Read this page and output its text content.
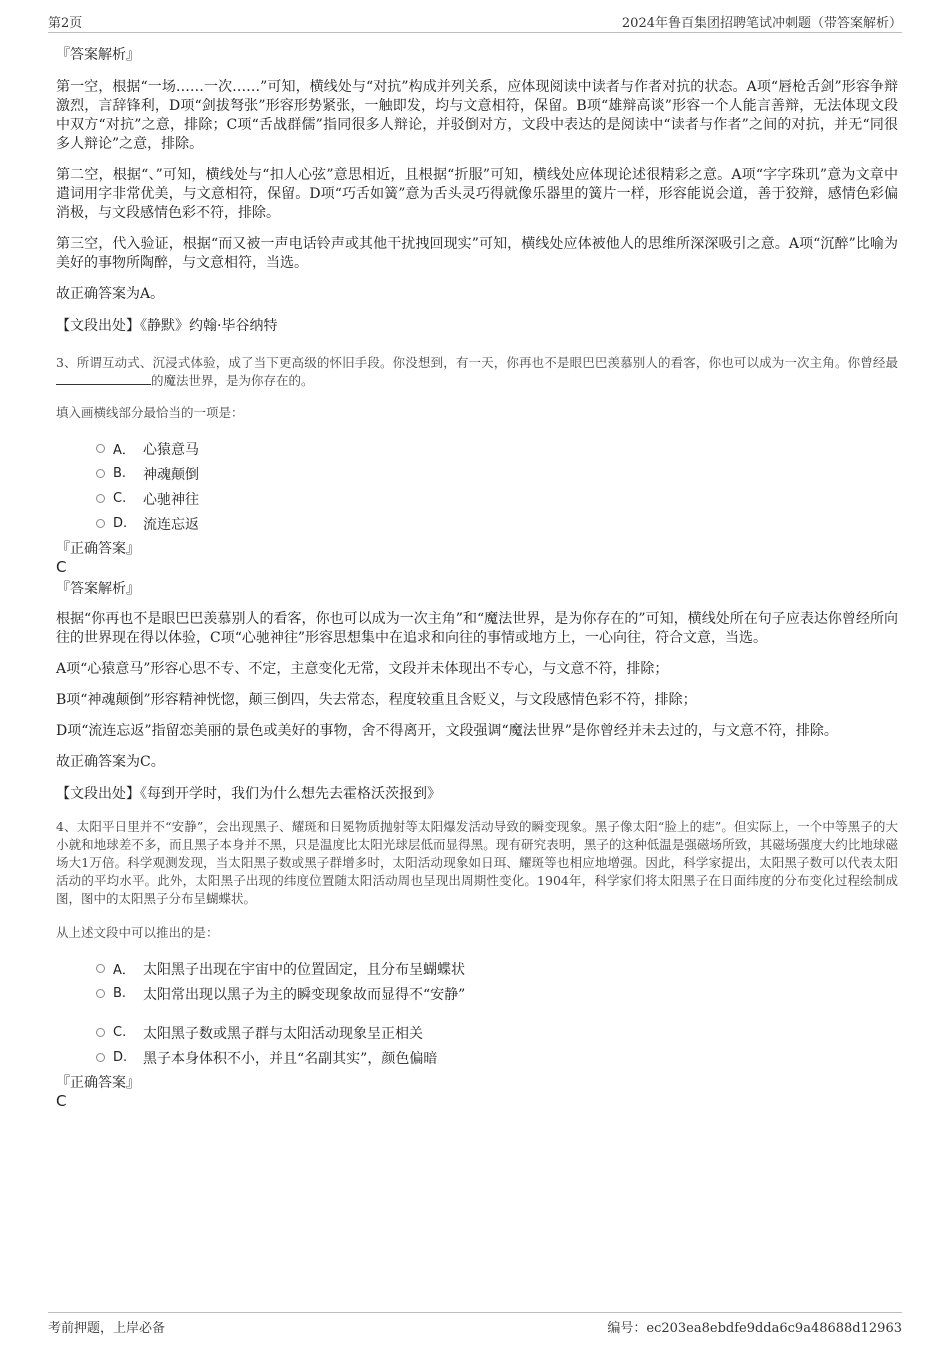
第2页	2024年鲁百集团招聘笔试冲刺题（带答案解析）
『答案解析』

第一空，根据“一场……一次……”可知，横线处与“对抗”构成并列关系，应体现阅读中读者与作者对抗的状态。A项“唇枪舌剑”形容争辩激烈，言辞锋利，D项“剑拔弩张”形容形势紧张，一触即发，均与文意相符，保留。B项“雄辩高谈”形容一个人能言善辩，无法体现文段中双方“对抗”之意，排除；C项“舌战群儒”指同很多人辩论，并驳倒对方，文段中表达的是阅读中“读者与作者”之间的对抗，并无“同很多人辩论”之意，排除。

第二空，根据“、”可知，横线处与“扣人心弦”意思相近，且根据“折服”可知，横线处应体现论述很精彩之意。A项“字字珠玑”意为文章中遣词用字非常优美，与文意相符，保留。D项“巧舌如簧”意为舌头灵巧得就像乐器里的簧片一样，形容能说会道，善于狡辩，感情色彩偏消极，与文段感情色彩不符，排除。

第三空，代入验证，根据“而又被一声电话铃声或其他干扰拽回现实”可知，横线处应体被他人的思维所深深吸引之意。A项“沉醉”比喻为美好的事物所陶醉，与文意相符，当选。

故正确答案为A。

【文段出处】《静默》约翰·毕谷纳特

3、所谓互动式、沉浸式体验，成了当下更高级的怀旧手段。你没想到，有一天，你再也不是眼巴巴羡慕别人的看客，你也可以成为一次主角。你曾经最的魔法世界，是为你存在的。

填入画横线部分最恰当的一项是：
A． 心猿意马
B.	神魂颠倒
C.	心驰神往
D.	流连忘返
『正确答案』
C
『答案解析』

根据“你再也不是眼巴巴羡慕别人的看客，你也可以成为一次主角”和“魔法世界，是为你存在的”可知，横线处所在句子应表达你曾经所向往的世界现在得以体验，C项“心驰神往”形容思想集中在追求和向往的事情或地方上，一心向往，符合文意，当选。

A项“心猿意马”形容心思不专、不定，主意变化无常，文段并未体现出不专心，与文意不符，排除；

B项“神魂颠倒”形容精神恍惚，颠三倒四，失去常态，程度较重且含贬义，与文段感情色彩不符，排除；

D项“流连忘返”指留恋美丽的景色或美好的事物，舍不得离开，文段强调“魔法世界”是你曾经并未去过的，与文意不符，排除。

故正确答案为C。

【文段出处】《每到开学时，我们为什么想先去霍格沃茨报到》

4、太阳平日里并不“安静”，会出现黑子、耀斑和日冕物质抛射等太阳爆发活动导致的瞬变现象。黑子像太阳“脸上的痣”。但实际上，一个中等黑子的大小就和地球差不多，而且黑子本身并不黑，只是温度比太阳光球层低而显得黑。现有研究表明，黑子的这种低温是强磁场所致，其磁场强度大约比地球磁场大1万倍。科学观测发现，当太阳黑子数或黑子群增多时，太阳活动现象如日珥、耀斑等也相应地增强。因此，科学家提出，太阳黑子数可以代表太阳活动的平均水平。此外，太阳黑子出现的纬度位置随太阳活动周也呈现出周期性变化。1904年，科学家们将太阳黑子在日面纬度的分布变化过程绘制成图，图中的太阳黑子分布呈蝴蝶状。

从上述文段中可以推出的是：
A． 太阳黑子出现在宇宙中的位置固定，且分布呈蝴蝶状
B.	太阳常出现以黑子为主的瞬变现象故而显得不“安静”
C.	太阳黑子数或黑子群与太阳活动现象呈正相关
D.	黑子本身体积不小，并且“名副其实”，颜色偏暗
『正确答案』
C
考前押题，上岸必备	编号：ec203ea8ebdfe9dda6c9a48688d12963
